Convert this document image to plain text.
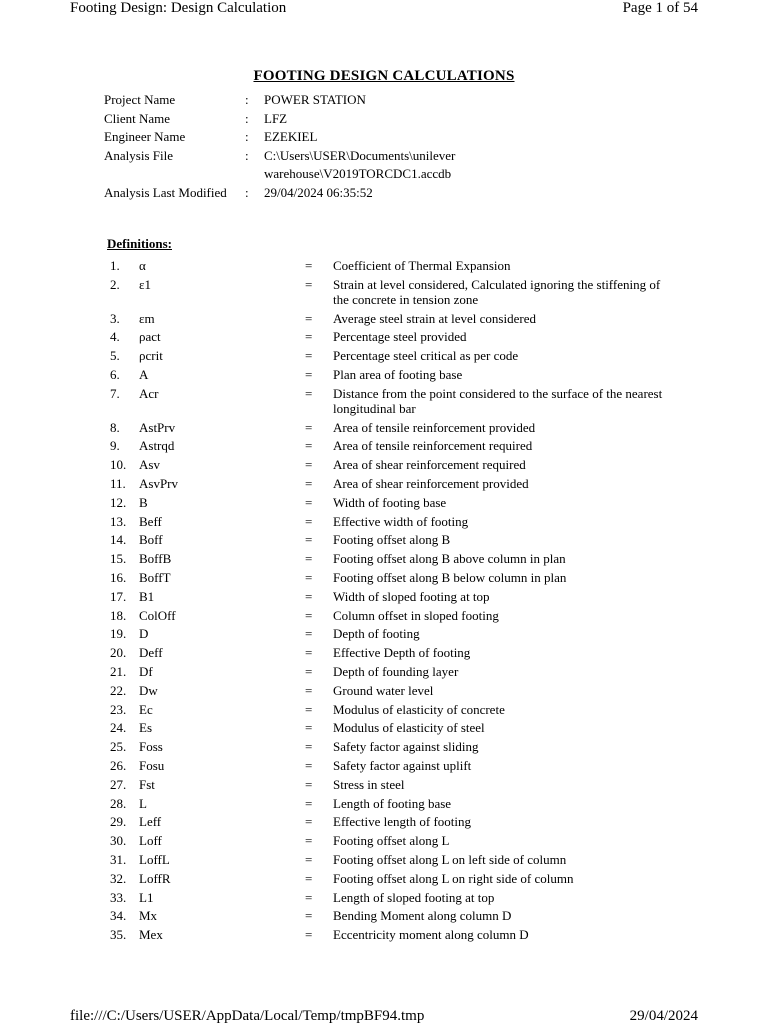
Footing Design: Design Calculation	Page 1 of 54
FOOTING DESIGN CALCULATIONS
Project Name	:	POWER STATION
Client Name	:	LFZ
Engineer Name	:	EZEKIEL
Analysis File	:	C:\Users\USER\Documents\unilever warehouse\V2019TORCDC1.accdb
Analysis Last Modified	:	29/04/2024 06:35:52
Definitions:
1.	α	=	Coefficient of Thermal Expansion
2.	ε1	=	Strain at level considered, Calculated ignoring the stiffening of the concrete in tension zone
3.	εm	=	Average steel strain at level considered
4.	ρact	=	Percentage steel provided
5.	ρcrit	=	Percentage steel critical as per code
6.	A	=	Plan area of footing base
7.	Acr	=	Distance from the point considered to the surface of the nearest longitudinal bar
8.	AstPrv	=	Area of tensile reinforcement provided
9.	Astrqd	=	Area of tensile reinforcement required
10. Asv	=	Area of shear reinforcement required
11.	AsvPrv	=	Area of shear reinforcement provided
12. B	=	Width of footing base
13. Beff	=	Effective width of footing
14. Boff	=	Footing offset along B
15. BoffB	=	Footing offset along B above column in plan
16. BoffT	=	Footing offset along B below column in plan
17. B1	=	Width of sloped footing at top
18. ColOff	=	Column offset in sloped footing
19. D	=	Depth of footing
20. Deff	=	Effective Depth of footing
21. Df	=	Depth of founding layer
22. Dw	=	Ground water level
23. Ec	=	Modulus of elasticity of concrete
24. Es	=	Modulus of elasticity of steel
25. Foss	=	Safety factor against sliding
26. Fosu	=	Safety factor against uplift
27. Fst	=	Stress in steel
28. L	=	Length of footing base
29. Leff	=	Effective length of footing
30. Loff	=	Footing offset along L
31. LoffL	=	Footing offset along L on left side of column
32. LoffR	=	Footing offset along L on right side of column
33. L1	=	Length of sloped footing at top
34. Mx	=	Bending Moment along column D
35. Mex	=	Eccentricity moment along column D
file:///C:/Users/USER/AppData/Local/Temp/tmpBF94.tmp	29/04/2024
